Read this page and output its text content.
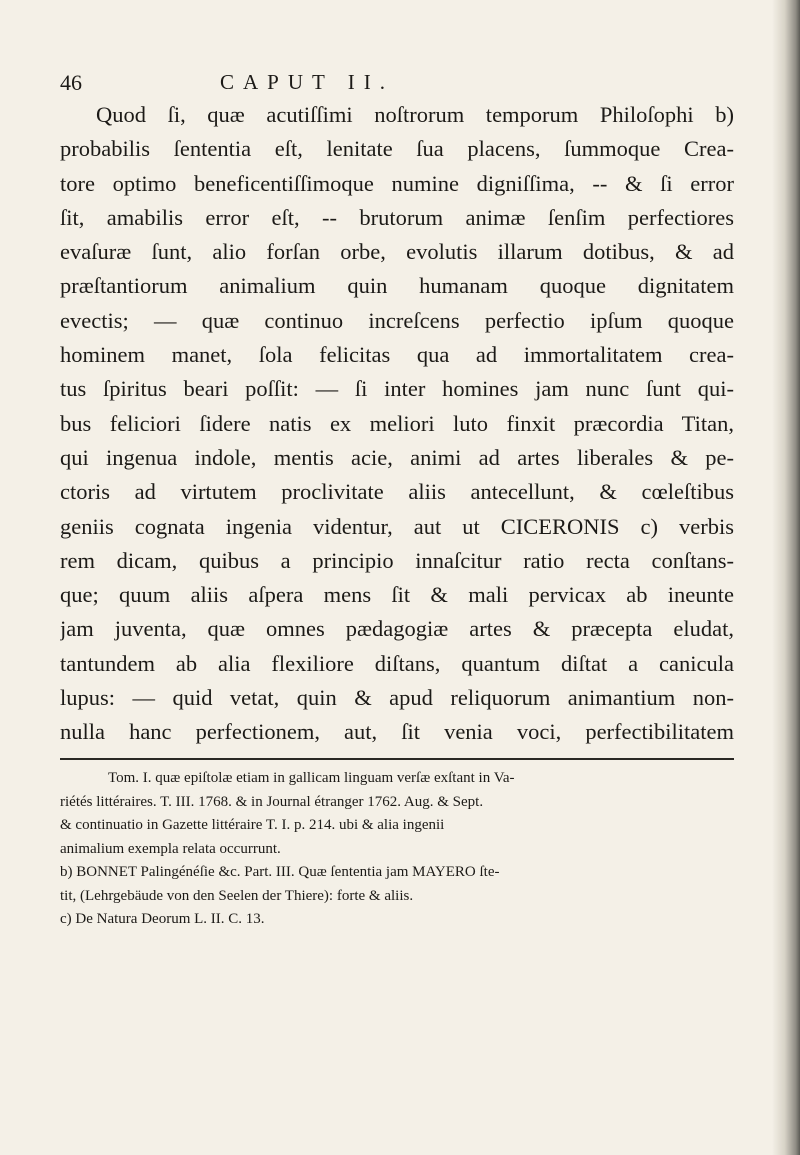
46	CAPUT II.
Quod ſi, quæ acutiſſimi noſtrorum temporum Philoſophi b)
probabilis ſententia eſt, lenitate ſua placens, ſummoque Crea-
tore optimo beneficentiſſimoque numine digniſſima, -- & ſi error
ſit, amabilis error eſt, -- brutorum animæ ſenſim perfectiores
evaſuræ ſunt, alio forſan orbe, evolutis illarum dotibus, & ad
præſtantiorum animalium quin humanam quoque dignitatem
evectis; — quæ continuo increſcens perfectio ipſum quoque
hominem manet, ſola felicitas qua ad immortalitatem crea-
tus ſpiritus beari poſſit: — ſi inter homines jam nunc ſunt qui-
bus feliciori ſidere natis ex meliori luto finxit præcordia Titan,
qui ingenua indole, mentis acie, animi ad artes liberales & pe-
ctoris ad virtutem proclivitate aliis antecellunt, & cœleſtibus
geniis cognata ingenia videntur, aut ut CICERONIS c) verbis
rem dicam, quibus a principio innaſcitur ratio recta conſtans-
que; quum aliis aſpera mens ſit & mali pervicax ab ineunte
jam juventa, quæ omnes pædagogiæ artes & præcepta eludat,
tantundem ab alia flexiliore diſtans, quantum diſtat a canicula
lupus: — quid vetat, quin & apud reliquorum animantium non-
nulla hanc perfectionem, aut, ſit venia voci, perfectibilitatem
Tom. I. quæ epiſtolæ etiam in gallicam linguam verſæ exſtant in Va-
riétés littéraires. T. III. 1768. & in Journal étranger 1762. Aug. & Sept.
& continuatio in Gazette littéraire T. I. p. 214. ubi & alia ingenii
animalium exempla relata occurrunt.
b) BONNET Palingénéſie &c. Part. III. Quæ ſententia jam MAYERO ſte-
tit, (Lehrgebäude von den Seelen der Thiere): forte & aliis.
c) De Natura Deorum L. II. C. 13.
